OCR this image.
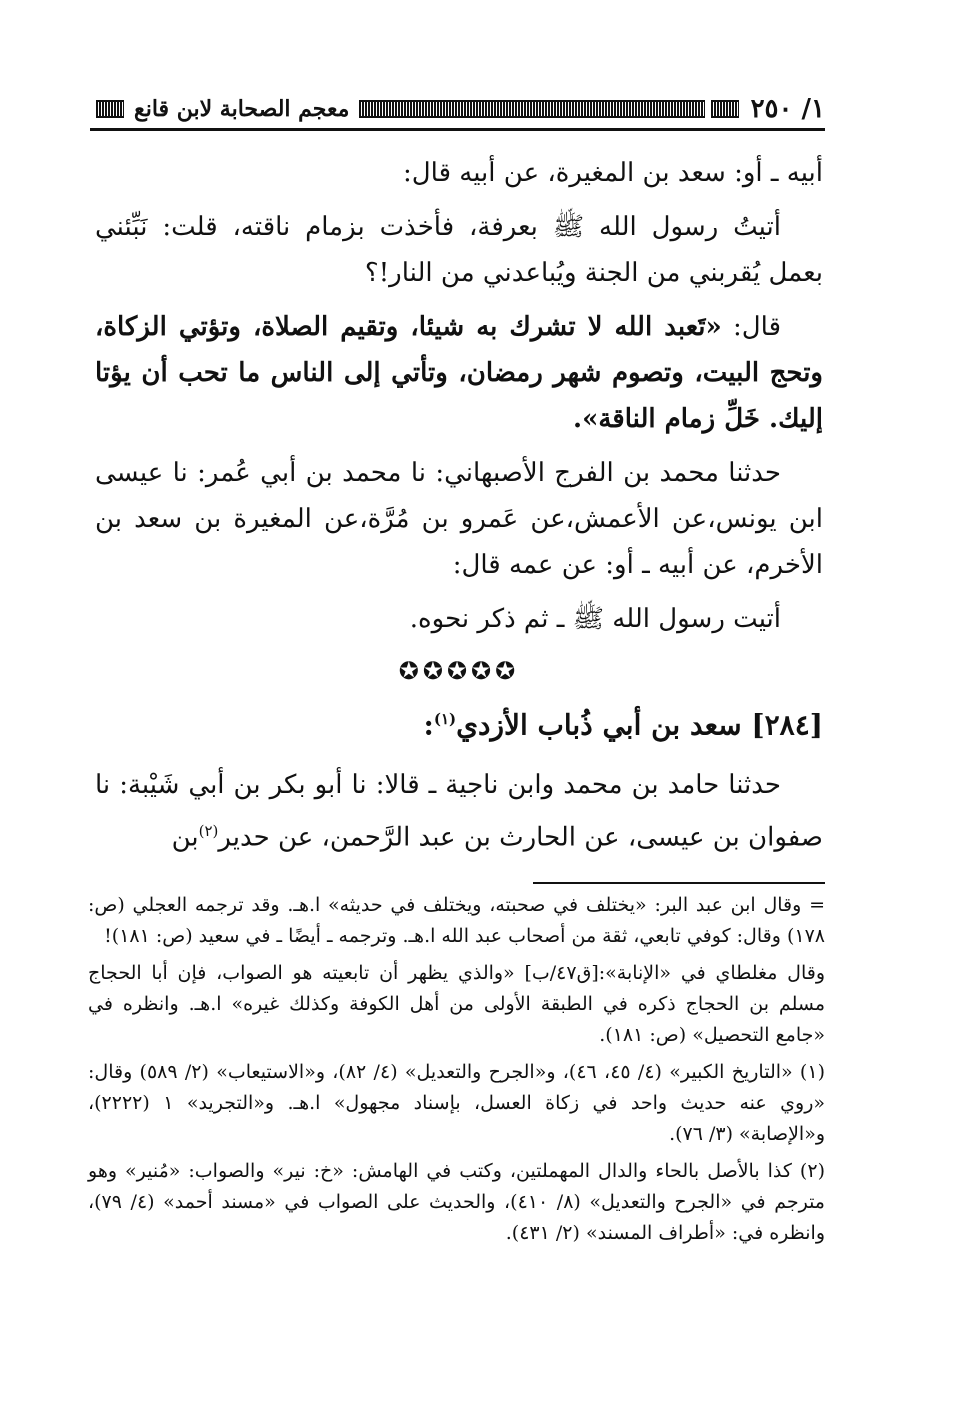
١/ ٢٥٠
معجم الصحابة لابن قانع

أبيه ـ أو: سعد بن المغيرة، عن أبيه قال:

أتيتُ رسول الله ﷺ بعرفة، فأخذت بزمام ناقته، قلت: نَبِّئني بعمل يُقربني من الجنة ويُباعدني من النار!؟

قال: «تَعبد الله لا تشرك به شيئا، وتقيم الصلاة، وتؤتي الزكاة، وتحج البيت، وتصوم شهر رمضان، وتأتي إلى الناس ما تحب أن يؤتا إليك. خَلِّ زمام الناقة».

حدثنا محمد بن الفرج الأصبهاني: نا محمد بن أبي عُمر: نا عيسى ابن يونس،عن الأعمش،عن عَمرو بن مُرَّة،عن المغيرة بن سعد بن الأخرم، عن أبيه ـ أو: عن عمه قال:

أتيت رسول الله ﷺ ـ ثم ذكر نحوه.

✪✪✪✪✪
[٢٨٤] سعد بن أبي ذُباب الأزدي$^{(١)}$:

حدثنا حامد بن محمد وابن ناجية ـ قالا: نا أبو بكر بن أبي شَيْبة: نا صفوان بن عيسى، عن الحارث بن عبد الرَّحمن، عن حدير$^{(٢)}$بن

= وقال ابن عبد البر: «يختلف في صحبته، ويختلف في حديثه» ا.هـ. وقد ترجمه العجلي (ص: ١٧٨) وقال: كوفي تابعي، ثقة من أصحاب عبد الله ا.هـ. وترجمه ـ أيضًا ـ في سعيد (ص: ١٨١)!

وقال مغلطاي في «الإنابة»:[ق٤٧/ب] «والذي يظهر أن تابعيته هو الصواب، فإن أبا الحجاج مسلم بن الحجاج ذكره في الطبقة الأولى من أهل الكوفة وكذلك غيره» ا.هـ. وانظره في «جامع التحصيل» (ص: ١٨١).

(١) «التاريخ الكبير» (٤/ ٤٥، ٤٦)، و«الجرح والتعديل» (٤/ ٨٢)، و«الاستيعاب» (٢/ ٥٨٩) وقال: «روي عنه حديث واحد في زكاة العسل، بإسناد مجهول» ا.هـ. و«التجريد» ١ (٢٢٢٢)، و«الإصابة» (٣/ ٧٦).

(٢) كذا بالأصل بالحاء والدال المهملتين، وكتب في الهامش: «خ: نير» والصواب: «مُنير» وهو مترجم في «الجرح والتعديل» (٨/ ٤١٠)، والحديث على الصواب في «مسند أحمد» (٤/ ٧٩)، وانظره في: «أطراف المسند» (٢/ ٤٣١).
